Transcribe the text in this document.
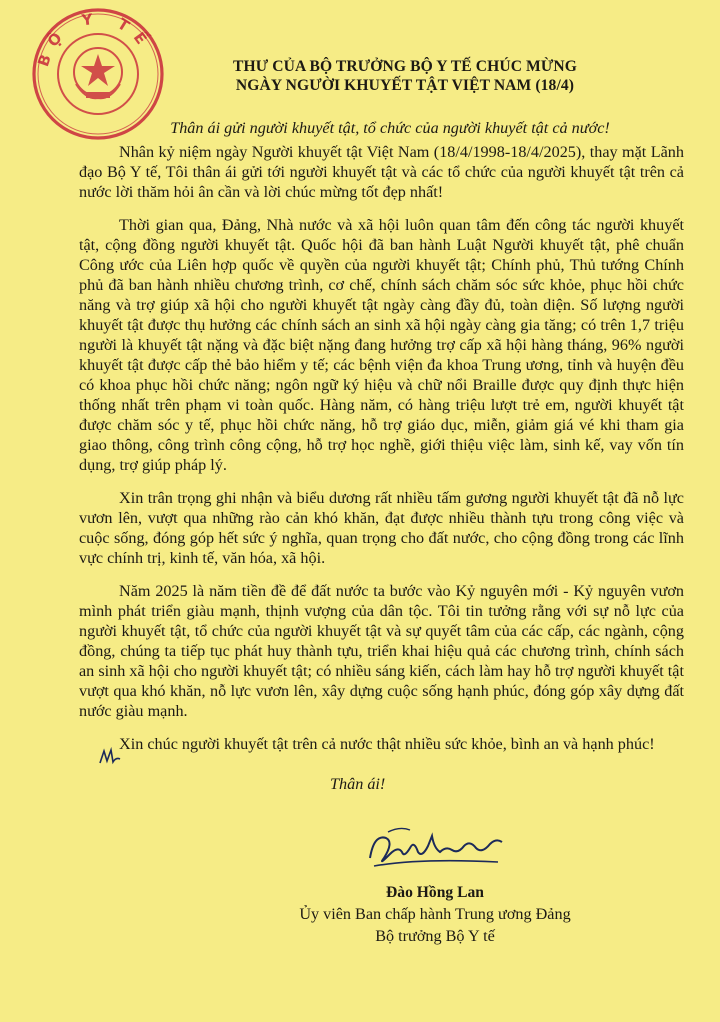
BỘ Y TẾ
THƯ CỦA BỘ TRƯỞNG BỘ Y TẾ CHÚC MỪNG
NGÀY NGƯỜI KHUYẾT TẬT VIỆT NAM (18/4)
Thân ái gửi người khuyết tật, tổ chức của người khuyết tật cả nước!

Nhân kỷ niệm ngày Người khuyết tật Việt Nam (18/4/1998-18/4/2025), thay mặt Lãnh đạo Bộ Y tế, Tôi thân ái gửi tới người khuyết tật và các tổ chức của người khuyết tật trên cả nước lời thăm hỏi ân cần và lời chúc mừng tốt đẹp nhất!

Thời gian qua, Đảng, Nhà nước và xã hội luôn quan tâm đến công tác người khuyết tật, cộng đồng người khuyết tật. Quốc hội đã ban hành Luật Người khuyết tật, phê chuẩn Công ước của Liên hợp quốc về quyền của người khuyết tật; Chính phủ, Thủ tướng Chính phủ đã ban hành nhiều chương trình, cơ chế, chính sách chăm sóc sức khỏe, phục hồi chức năng và trợ giúp xã hội cho người khuyết tật ngày càng đầy đủ, toàn diện. Số lượng người khuyết tật được thụ hưởng các chính sách an sinh xã hội ngày càng gia tăng; có trên 1,7 triệu người là khuyết tật nặng và đặc biệt nặng đang hưởng trợ cấp xã hội hàng tháng, 96% người khuyết tật được cấp thẻ bảo hiểm y tế; các bệnh viện đa khoa Trung ương, tỉnh và huyện đều có khoa phục hồi chức năng; ngôn ngữ ký hiệu và chữ nổi Braille được quy định thực hiện thống nhất trên phạm vi toàn quốc. Hàng năm, có hàng triệu lượt trẻ em, người khuyết tật được chăm sóc y tế, phục hồi chức năng, hỗ trợ giáo dục, miễn, giảm giá vé khi tham gia giao thông, công trình công cộng, hỗ trợ học nghề, giới thiệu việc làm, sinh kế, vay vốn tín dụng, trợ giúp pháp lý.

Xin trân trọng ghi nhận và biểu dương rất nhiều tấm gương người khuyết tật đã nỗ lực vươn lên, vượt qua những rào cản khó khăn, đạt được nhiều thành tựu trong công việc và cuộc sống, đóng góp hết sức ý nghĩa, quan trọng cho đất nước, cho cộng đồng trong các lĩnh vực chính trị, kinh tế, văn hóa, xã hội.

Năm 2025 là năm tiền đề để đất nước ta bước vào Kỷ nguyên mới - Kỷ nguyên vươn mình phát triển giàu mạnh, thịnh vượng của dân tộc. Tôi tin tưởng rằng với sự nỗ lực của người khuyết tật, tổ chức của người khuyết tật và sự quyết tâm của các cấp, các ngành, cộng đồng, chúng ta tiếp tục phát huy thành tựu, triển khai hiệu quả các chương trình, chính sách an sinh xã hội cho người khuyết tật; có nhiều sáng kiến, cách làm hay hỗ trợ người khuyết tật vượt qua khó khăn, nỗ lực vươn lên, xây dựng cuộc sống hạnh phúc, đóng góp xây dựng đất nước giàu mạnh.

Xin chúc người khuyết tật trên cả nước thật nhiều sức khỏe, bình an và hạnh phúc!

Thân ái!
Đào Hồng Lan
Ủy viên Ban chấp hành Trung ương Đảng
Bộ trưởng Bộ Y tế
